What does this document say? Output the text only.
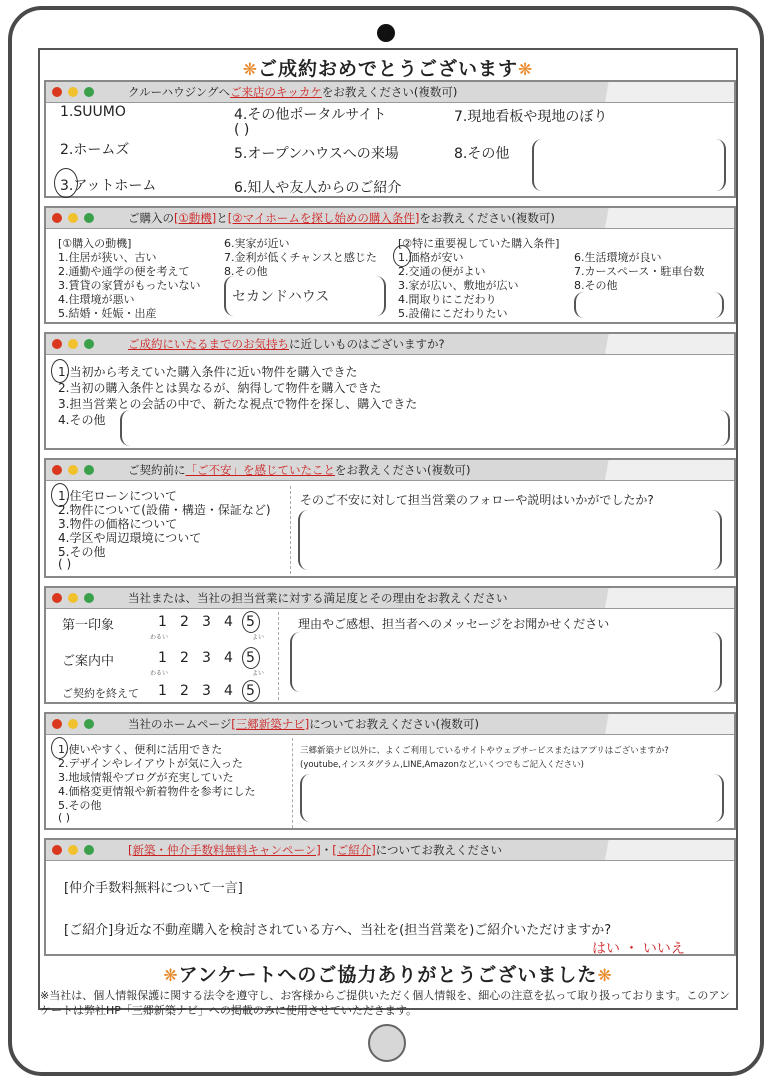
❋ご成約おめでとうございます❋
クルーハウジングへご来店のキッカケをお教えください(複数可)
1.SUUMO
2.ホームズ
3.アットホーム
4.その他ポータルサイト
( )
5.オープンハウスへの来場
6.知人や友人からのご紹介
7.現地看板や現地のぼり
8.その他
ご購入の[①動機]と[②マイホームを探し始めの購入条件]をお教えください(複数可)
[①購入の動機]
1.住居が狭い、古い
2.通勤や通学の便を考えて
3.賃貸の家賃がもったいない
4.住環境が悪い
5.結婚・妊娠・出産
6.実家が近い
7.金利が低くチャンスと感じた
8.その他
セカンドハウス
[②特に重要視していた購入条件]
1.価格が安い
2.交通の便がよい
3.家が広い、敷地が広い
4.間取りにこだわり
5.設備にこだわりたい
6.生活環境が良い
7.カースペース・駐車台数
8.その他
ご成約にいたるまでのお気持ちに近しいものはございますか?
1.当初から考えていた購入条件に近い物件を購入できた
2.当初の購入条件とは異なるが、納得して物件を購入できた
3.担当営業との会話の中で、新たな視点で物件を探し、購入できた
4.その他
ご契約前に「ご不安」を感じていたことをお教えください(複数可)
1.住宅ローンについて
2.物件について(設備・構造・保証など)
3.物件の価格について
4.学区や周辺環境について
5.その他
( )
そのご不安に対して担当営業のフォローや説明はいかがでしたか?
当社または、当社の担当営業に対する満足度とその理由をお教えください
第一印象
ご案内中
ご契約を終えて
1 2 3 4 5
わるい	よい
1 2 3 4 5
わるい	よい
1 2 3 4 5
理由やご感想、担当者へのメッセージをお聞かせください
当社のホームページ[三郷新築ナビ]についてお教えください(複数可)
1.使いやすく、便利に活用できた
2.デザインやレイアウトが気に入った
3.地域情報やブログが充実していた
4.価格変更情報や新着物件を参考にした
5.その他
( )
三郷新築ナビ以外に、よくご利用しているサイトやウェブサービスまたはアプリはございますか?
(youtube,インスタグラム,LINE,Amazonなど,いくつでもご記入ください)
[新築・仲介手数料無料キャンペーン]・[ご紹介]についてお教えください
[仲介手数料無料について一言]
[ご紹介]身近な不動産購入を検討されている方へ、当社を(担当営業を)ご紹介いただけますか?
はい ・ いいえ
❋アンケートへのご協力ありがとうございました❋
※当社は、個人情報保護に関する法令を遵守し、お客様からご提供いただく個人情報を、細心の注意を払って取り扱っております。このアンケートは弊社HP「三郷新築ナビ」への掲載のみに使用させていただきます。
